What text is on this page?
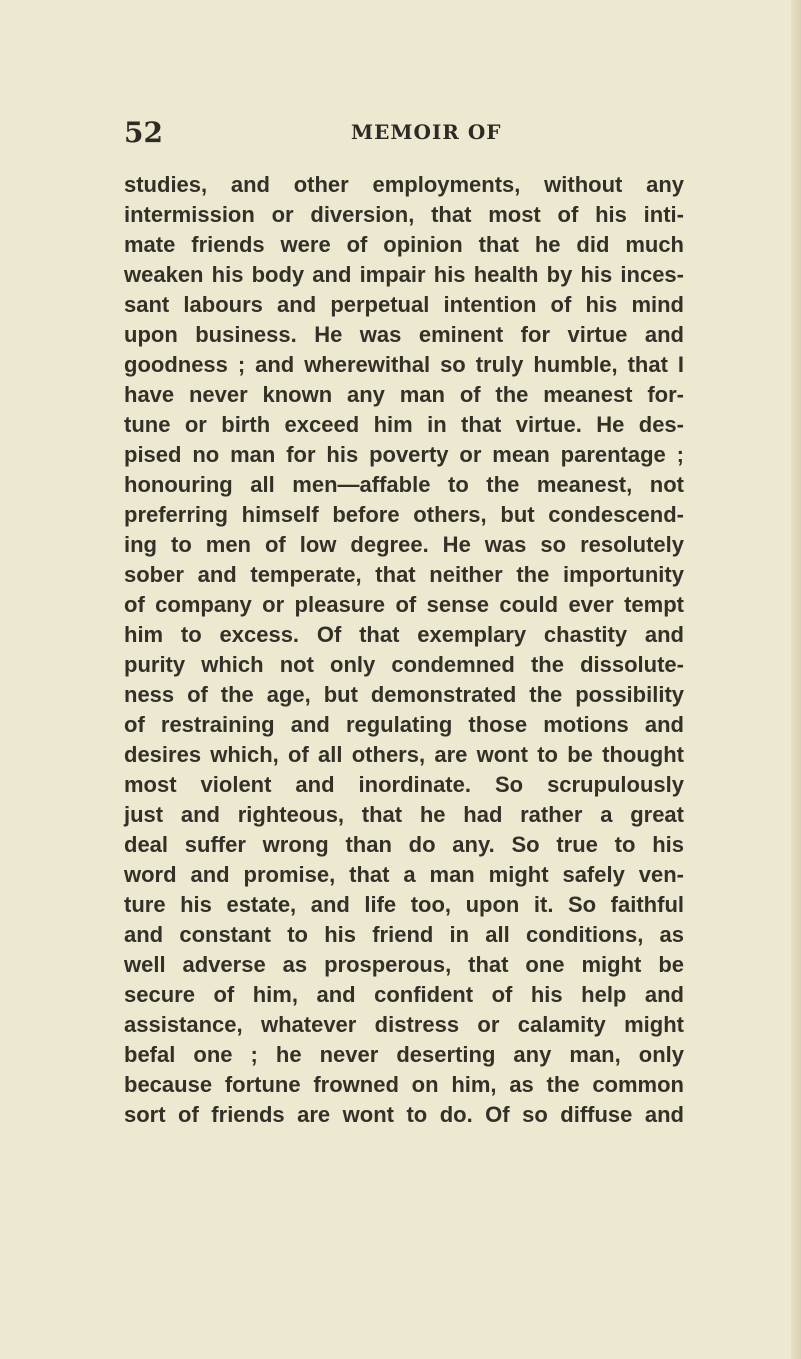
52	MEMOIR OF
studies, and other employments, without any
intermission or diversion, that most of his inti-
mate friends were of opinion that he did much
weaken his body and impair his health by his inces-
sant labours and perpetual intention of his mind
upon business. He was eminent for virtue and
goodness ; and wherewithal so truly humble, that I
have never known any man of the meanest for-
tune or birth exceed him in that virtue. He des-
pised no man for his poverty or mean parentage ;
honouring all men—affable to the meanest, not
preferring himself before others, but condescend-
ing to men of low degree. He was so resolutely
sober and temperate, that neither the importunity
of company or pleasure of sense could ever tempt
him to excess. Of that exemplary chastity and
purity which not only condemned the dissolute-
ness of the age, but demonstrated the possibility
of restraining and regulating those motions and
desires which, of all others, are wont to be thought
most violent and inordinate. So scrupulously
just and righteous, that he had rather a great
deal suffer wrong than do any. So true to his
word and promise, that a man might safely ven-
ture his estate, and life too, upon it. So faithful
and constant to his friend in all conditions, as
well adverse as prosperous, that one might be
secure of him, and confident of his help and
assistance, whatever distress or calamity might
befal one ; he never deserting any man, only
because fortune frowned on him, as the common
sort of friends are wont to do. Of so diffuse and
